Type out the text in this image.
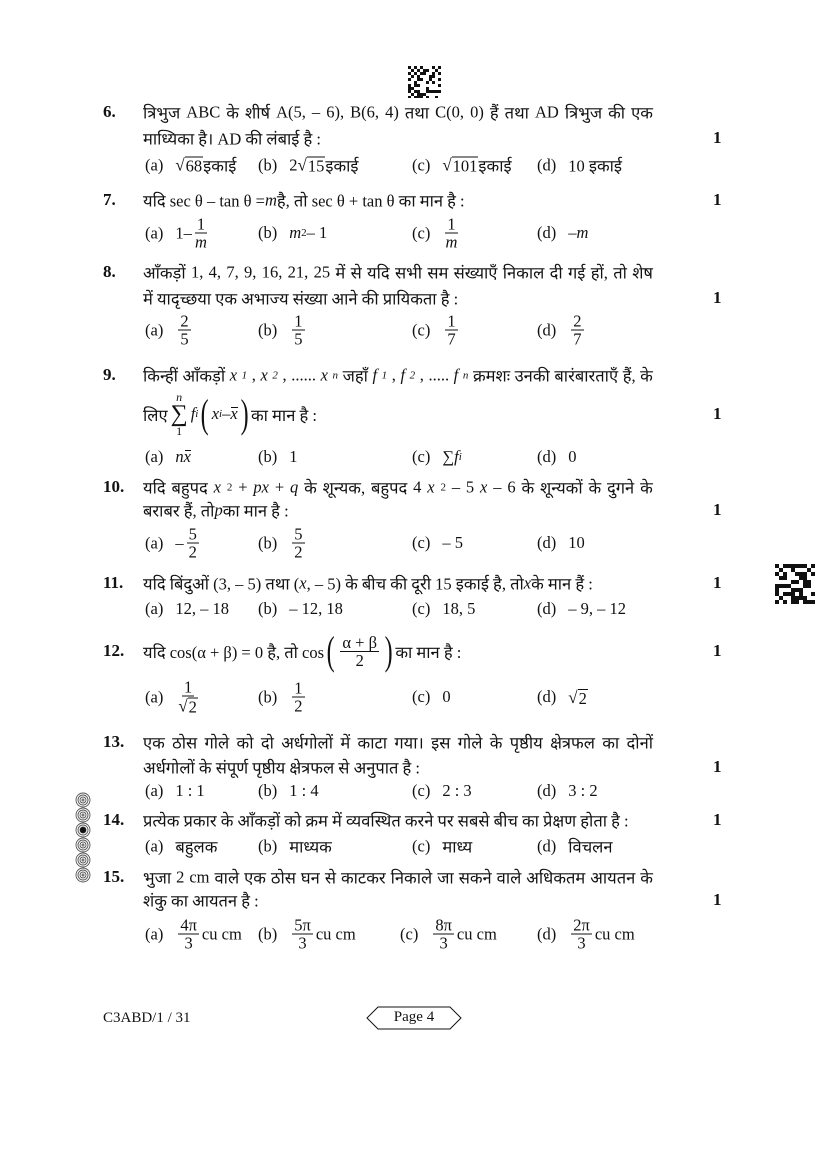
6. त्रिभुज ABC के शीर्ष A(5, – 6), B(6, 4) तथा C(0, 0) हैं तथा AD त्रिभुज की एक
माध्यिका है। AD की लंबाई है :	1
(a) √ 68 इकाई (b) 2 √ 15 इकाई	(c) √ 101 इकाई (d) 10 इकाई
7. यदि sec θ – tan θ = m है, तो sec θ + tan θ का मान है :	1
(a) $1- \frac{1}{m}$	(b) m 2 – 1	$(c) \frac{1}{m}$	(d) – m
8. आँकड़ों 1, 4, 7, 9, 16, 21, 25 में से यदि सभी सम संख्याएँ निकाल दी गई हों, तो शेष
में यादृच्छया एक अभाज्य संख्या आने की प्रायिकता है :	1
$(a) \frac{2}{5}$	$(b) \frac{1}{5}$	$(c) \frac{1}{7}$	$(d) \frac{2}{7}$
9. किन्हीं आँकड़ों x 1 , x 2 , ...... x n जहाँ f 1 , f 2 , ..... f n क्रमशः उनकी बारंबारताएँ हैं, के
लिए
n
∑
1
f i ( x i – x ) का मान है :	1
(a) n x	(b) 1	(c) ∑ f i	(d) 0
10. यदि बहुपद x 2 + px + q के शून्यक, बहुपद 4 x 2 – 5 x – 6 के शून्यकों के दुगने के
बराबर हैं, तो p का मान है :	1
$(a) - \frac{5}{2}$	$(b) \frac{5}{2}$	(c) – 5	(d) 10
11. यदि बिंदुओं (3, – 5) तथा ( x , – 5) के बीच की दूरी 15 इकाई है, तो x के मान हैं :	1
(a) 12, – 18 (b) – 12, 18	(c) 18, 5	(d) – 9, – 12
12. यदि cos(α + β) = 0 है, तो cos ( $\frac{\alpha + \beta}{2}$ ) का मान है :	1
$(a) \frac{1}{√ 2}$	$(b) \frac{1}{2}$	(c) 0	(d) √ 2
13. एक ठोस गोले को दो अर्धगोलों में काटा गया। इस गोले के पृष्ठीय क्षेत्रफल का दोनों
अर्धगोलों के संपूर्ण पृष्ठीय क्षेत्रफल से अनुपात है :	1
(a) 1 : 1	(b) 1 : 4	(c) 2 : 3	(d) 3 : 2
14. प्रत्येक प्रकार के आँकड़ों को क्रम में व्यवस्थित करने पर सबसे बीच का प्रेक्षण होता है :	1
(a) बहुलक (b) माध्यक	(c) माध्य	(d) विचलन
15. भुजा 2 cm वाले एक ठोस घन से काटकर निकाले जा सकने वाले अधिकतम आयतन के
शंकु का आयतन है :	1
$(a) \frac{4\pi}{3}$ cu cm $(b) \frac{5\pi}{3}$ cu cm	$(c) \frac{8\pi}{3}$ cu cm $(d) \frac{2\pi}{3}$ cu cm
C3ABD/1 / 31	Page 4
